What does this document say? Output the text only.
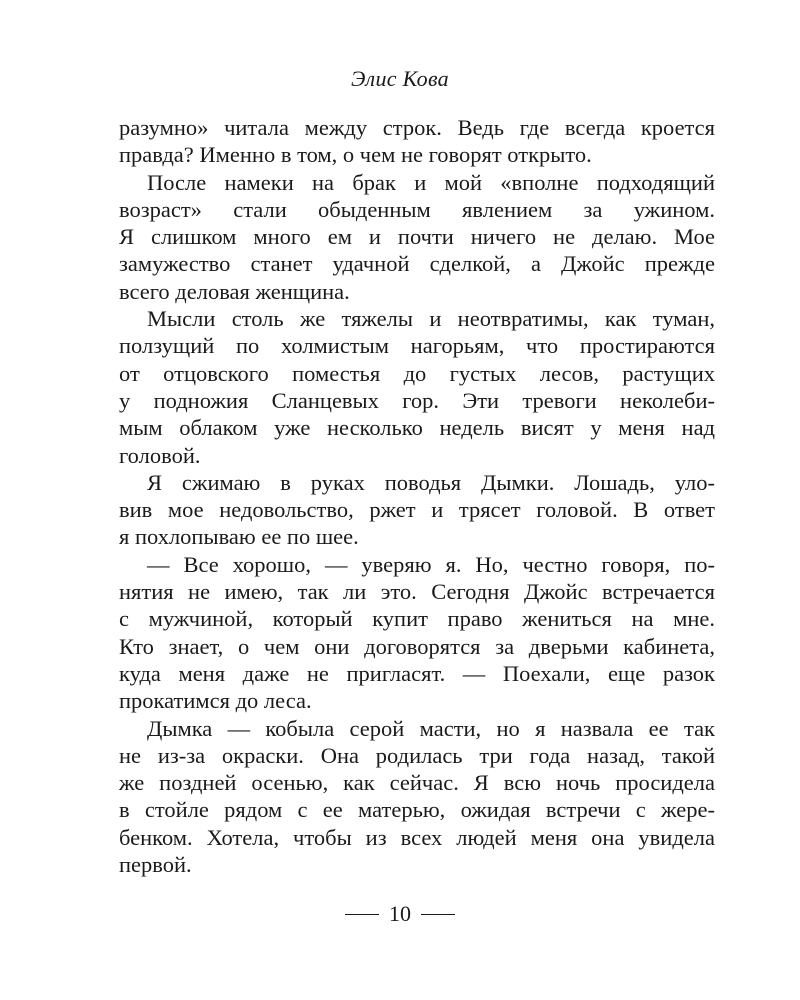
Элис Кова

разумно» читала между строк. Ведь где всегда кроется
правда? Именно в том, о чем не говорят открыто.

После намеки на брак и мой «вполне подходящий
возраст» стали обыденным явлением за ужином.
Я слишком много ем и почти ничего не делаю. Мое
замужество станет удачной сделкой, а Джойс прежде
всего деловая женщина.

Мысли столь же тяжелы и неотвратимы, как туман,
ползущий по холмистым нагорьям, что простираются
от отцовского поместья до густых лесов, растущих
у подножия Сланцевых гор. Эти тревоги неколеби-
мым облаком уже несколько недель висят у меня над
головой.

Я сжимаю в руках поводья Дымки. Лошадь, уло-
вив мое недовольство, ржет и трясет головой. В ответ
я похлопываю ее по шее.

— Все хорошо, — уверяю я. Но, честно говоря, по-
нятия не имею, так ли это. Сегодня Джойс встречается
с мужчиной, который купит право жениться на мне.
Кто знает, о чем они договорятся за дверьми кабинета,
куда меня даже не пригласят. — Поехали, еще разок
прокатимся до леса.

Дымка — кобыла серой масти, но я назвала ее так
не из-за окраски. Она родилась три года назад, такой
же поздней осенью, как сейчас. Я всю ночь просидела
в стойле рядом с ее матерью, ожидая встречи с жере-
бенком. Хотела, чтобы из всех людей меня она увидела
первой.

10
